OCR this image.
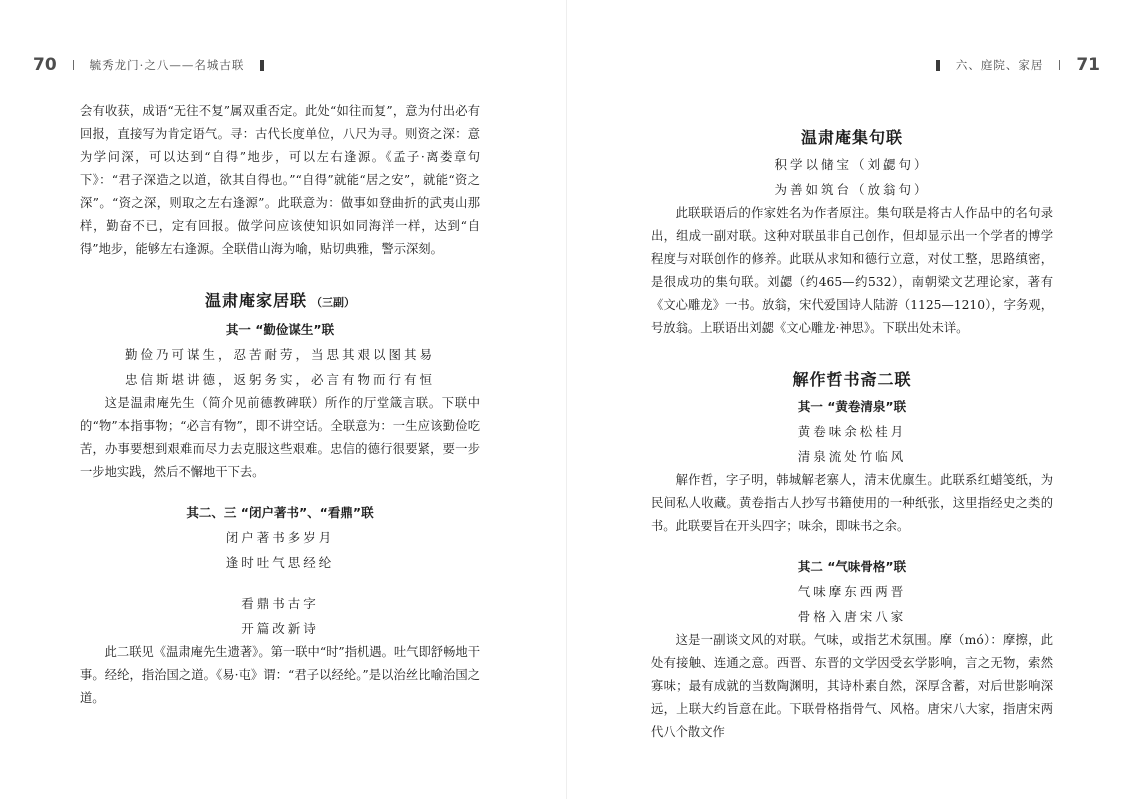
70	毓秀龙门·之八——名城古联

会有收获，成语“无往不复”属双重否定。此处“如往而复”，意为付出必有回报，直接写为肯定语气。寻：古代长度单位，八尺为寻。则资之深：意为学问深，可以达到“自得”地步，可以左右逢源。《孟子·离娄章句下》：“君子深造之以道，欲其自得也。”“自得”就能“居之安”，就能“资之深”。“资之深，则取之左右逢源”。此联意为：做事如登曲折的武夷山那样，勤奋不已，定有回报。做学问应该使知识如同海洋一样，达到“自得”地步，能够左右逢源。全联借山海为喻，贴切典雅，警示深刻。

温肃庵家居联 （三副）

其一 “勤俭谋生”联

勤俭乃可谋生，忍苦耐劳，当思其艰以图其易

忠信斯堪讲德，返躬务实，必言有物而行有恒

这是温肃庵先生（简介见前德教碑联）所作的厅堂箴言联。下联中的“物”本指事物；“必言有物”，即不讲空话。全联意为：一生应该勤俭吃苦，办事要想到艰难而尽力去克服这些艰难。忠信的德行很要紧，要一步一步地实践，然后不懈地干下去。

其二、三 “闭户著书”、“看鼎”联

闭户著书多岁月

逢时吐气思经纶

看鼎书古字

开篇改新诗

此二联见《温肃庵先生遗著》。第一联中“时”指机遇。吐气即舒畅地干事。经纶，指治国之道。《易·屯》谓：“君子以经纶。”是以治丝比喻治国之道。

六、庭院、家居 71

温肃庵集句联

积学以储宝（刘勰句）

为善如筑台（放翁句）

此联联语后的作家姓名为作者原注。集句联是将古人作品中的名句录出，组成一副对联。这种对联虽非自己创作，但却显示出一个学者的博学程度与对联创作的修养。此联从求知和德行立意，对仗工整，思路缜密，是很成功的集句联。刘勰（约465—约532），南朝梁文艺理论家，著有《文心雕龙》一书。放翁，宋代爱国诗人陆游（1125—1210），字务观，号放翁。上联语出刘勰《文心雕龙·神思》。下联出处未详。

解作哲书斋二联

其一 “黄卷清泉”联

黄卷味余松桂月

清泉流处竹临风

解作哲，字子明，韩城解老寨人，清末优廪生。此联系红蜡笺纸，为民间私人收藏。黄卷指古人抄写书籍使用的一种纸张，这里指经史之类的书。此联要旨在开头四字；味余，即味书之余。

其二 “气味骨格”联

气味摩东西两晋

骨格入唐宋八家

这是一副谈文风的对联。气味，或指艺术氛围。摩（mó）：摩擦，此处有接触、连通之意。西晋、东晋的文学因受玄学影响，言之无物，索然寡味；最有成就的当数陶渊明，其诗朴素自然，深厚含蓄，对后世影响深远，上联大约旨意在此。下联骨格指骨气、风格。唐宋八大家，指唐宋两代八个散文作
